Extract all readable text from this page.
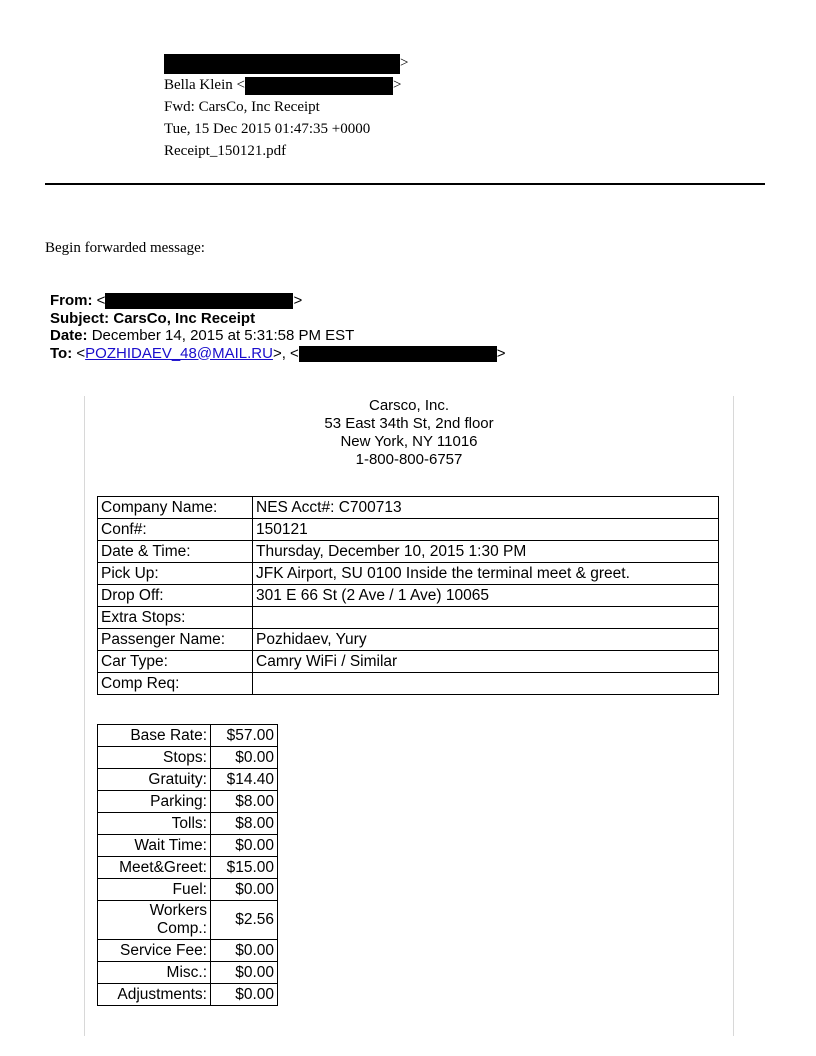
>
Bella Klein <	>
Fwd: CarsCo, Inc Receipt
Tue, 15 Dec 2015 01:47:35 +0000
Receipt_150121.pdf
Begin forwarded message:
From: <	>
Subject: CarsCo, Inc Receipt
Date: December 14, 2015 at 5:31:58 PM EST
To: <POZHIDAEV_48@MAIL.RU>, <	>
Carsco, Inc.
53 East 34th St, 2nd floor
New York, NY 11016
1-800-800-6757
Company Name:	NES Acct#: C700713
Conf#:	150121
Date & Time:	Thursday, December 10, 2015 1:30 PM
Pick Up:	JFK Airport, SU 0100 Inside the terminal meet & greet.
Drop Off:	301 E 66 St (2 Ave / 1 Ave) 10065
Extra Stops:	
Passenger Name:	Pozhidaev, Yury
Car Type:	Camry WiFi / Similar
Comp Req:	
Base Rate:	$57.00
Stops:	$0.00
Gratuity:	$14.40
Parking:	$8.00
Tolls:	$8.00
Wait Time:	$0.00
Meet&Greet:	$15.00
Fuel:	$0.00
Workers Comp.:	$2.56
Service Fee:	$0.00
Misc.:	$0.00
Adjustments:	$0.00
